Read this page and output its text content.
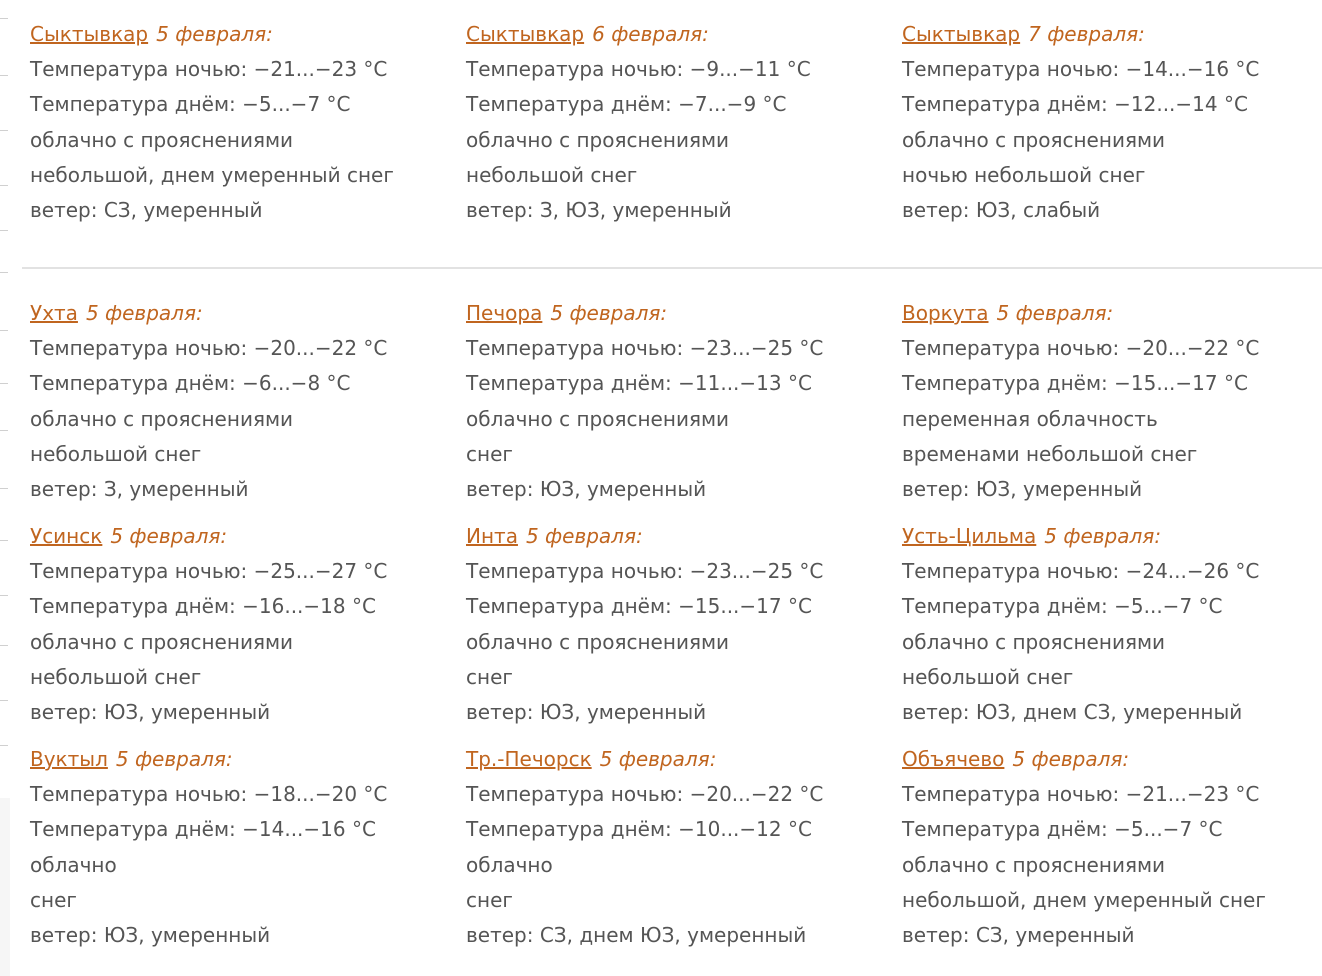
Сыктывкар 5 февраля:
Температура ночью: −21...−23 °C
Температура днём: −5...−7 °C
облачно с прояснениями
небольшой, днем умеренный снег
ветер: СЗ, умеренный
Сыктывкар 6 февраля:
Температура ночью: −9...−11 °C
Температура днём: −7...−9 °C
облачно с прояснениями
небольшой снег
ветер: З, ЮЗ, умеренный
Сыктывкар 7 февраля:
Температура ночью: −14...−16 °C
Температура днём: −12...−14 °C
облачно с прояснениями
ночью небольшой снег
ветер: ЮЗ, слабый
Ухта 5 февраля:
Температура ночью: −20...−22 °C
Температура днём: −6...−8 °C
облачно с прояснениями
небольшой снег
ветер: З, умеренный
Печора 5 февраля:
Температура ночью: −23...−25 °C
Температура днём: −11...−13 °C
облачно с прояснениями
снег
ветер: ЮЗ, умеренный
Воркута 5 февраля:
Температура ночью: −20...−22 °C
Температура днём: −15...−17 °C
переменная облачность
временами небольшой снег
ветер: ЮЗ, умеренный
Усинск 5 февраля:
Температура ночью: −25...−27 °C
Температура днём: −16...−18 °C
облачно с прояснениями
небольшой снег
ветер: ЮЗ, умеренный
Инта 5 февраля:
Температура ночью: −23...−25 °C
Температура днём: −15...−17 °C
облачно с прояснениями
снег
ветер: ЮЗ, умеренный
Усть-Цильма 5 февраля:
Температура ночью: −24...−26 °C
Температура днём: −5...−7 °C
облачно с прояснениями
небольшой снег
ветер: ЮЗ, днем СЗ, умеренный
Вуктыл 5 февраля:
Температура ночью: −18...−20 °C
Температура днём: −14...−16 °C
облачно
снег
ветер: ЮЗ, умеренный
Тр.-Печорск 5 февраля:
Температура ночью: −20...−22 °C
Температура днём: −10...−12 °C
облачно
снег
ветер: СЗ, днем ЮЗ, умеренный
Объячево 5 февраля:
Температура ночью: −21...−23 °C
Температура днём: −5...−7 °C
облачно с прояснениями
небольшой, днем умеренный снег
ветер: СЗ, умеренный
